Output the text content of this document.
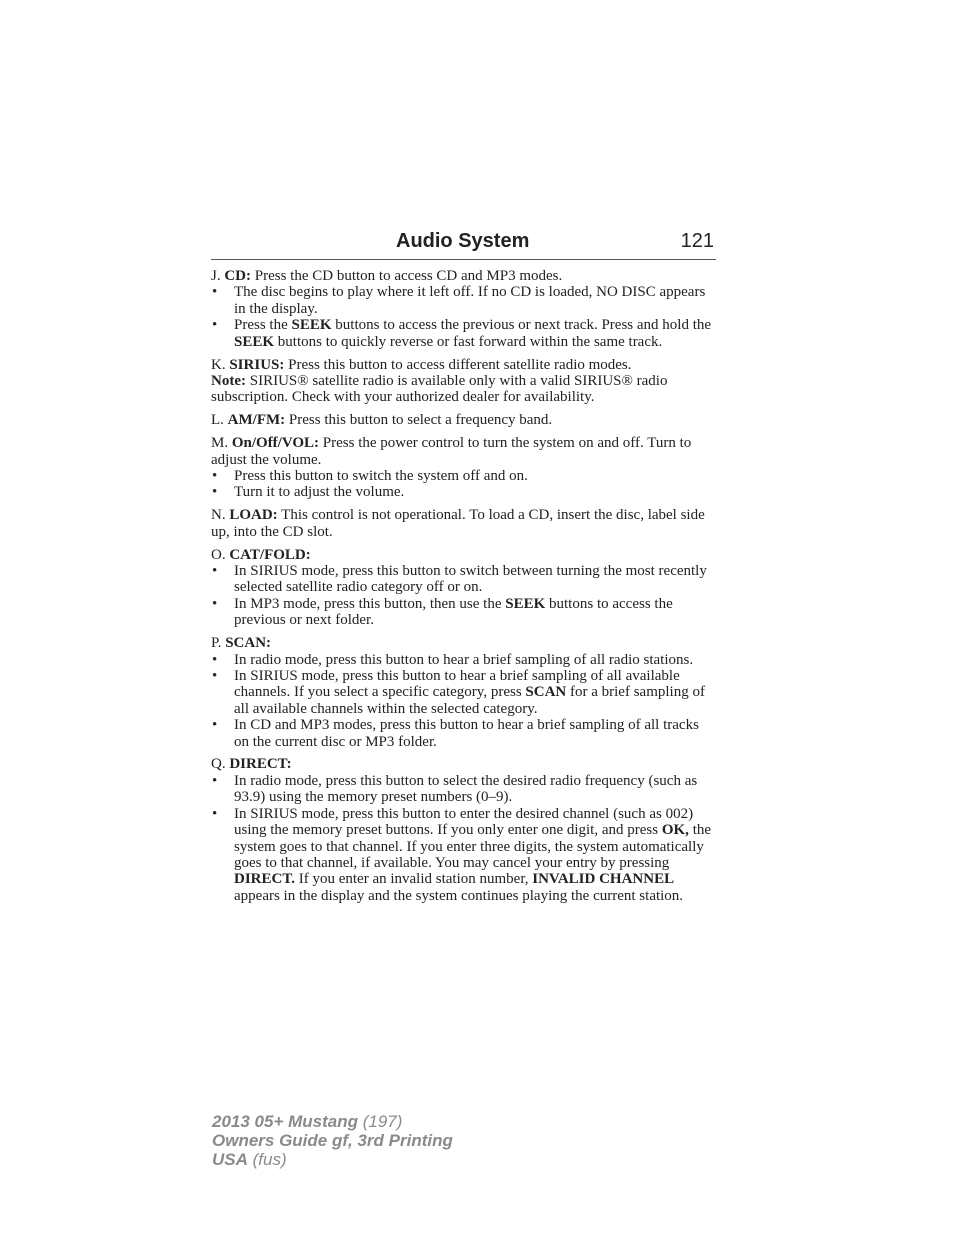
Audio System	121

J. CD: Press the CD button to access CD and MP3 modes.

• The disc begins to play where it left off. If no CD is loaded, NO DISC appears in the display.
• Press the SEEK buttons to access the previous or next track. Press and hold the SEEK buttons to quickly reverse or fast forward within the same track.

K. SIRIUS: Press this button to access different satellite radio modes.
Note: SIRIUS® satellite radio is available only with a valid SIRIUS® radio subscription. Check with your authorized dealer for availability.

L. AM/FM: Press this button to select a frequency band.

M. On/Off/VOL: Press the power control to turn the system on and off. Turn to adjust the volume.

• Press this button to switch the system off and on.
• Turn it to adjust the volume.

N. LOAD: This control is not operational. To load a CD, insert the disc, label side up, into the CD slot.

O. CAT/FOLD:

• In SIRIUS mode, press this button to switch between turning the most recently selected satellite radio category off or on.
• In MP3 mode, press this button, then use the SEEK buttons to access the previous or next folder.

P. SCAN:

• In radio mode, press this button to hear a brief sampling of all radio stations.
• In SIRIUS mode, press this button to hear a brief sampling of all available channels. If you select a specific category, press SCAN for a brief sampling of all available channels within the selected category.
• In CD and MP3 modes, press this button to hear a brief sampling of all tracks on the current disc or MP3 folder.

Q. DIRECT:

• In radio mode, press this button to select the desired radio frequency (such as 93.9) using the memory preset numbers (0–9).
• In SIRIUS mode, press this button to enter the desired channel (such as 002) using the memory preset buttons. If you only enter one digit, and press OK, the system goes to that channel. If you enter three digits, the system automatically goes to that channel, if available. You may cancel your entry by pressing DIRECT. If you enter an invalid station number, INVALID CHANNEL appears in the display and the system continues playing the current station.
2013 05+ Mustang (197)
Owners Guide gf, 3rd Printing
USA (fus)
